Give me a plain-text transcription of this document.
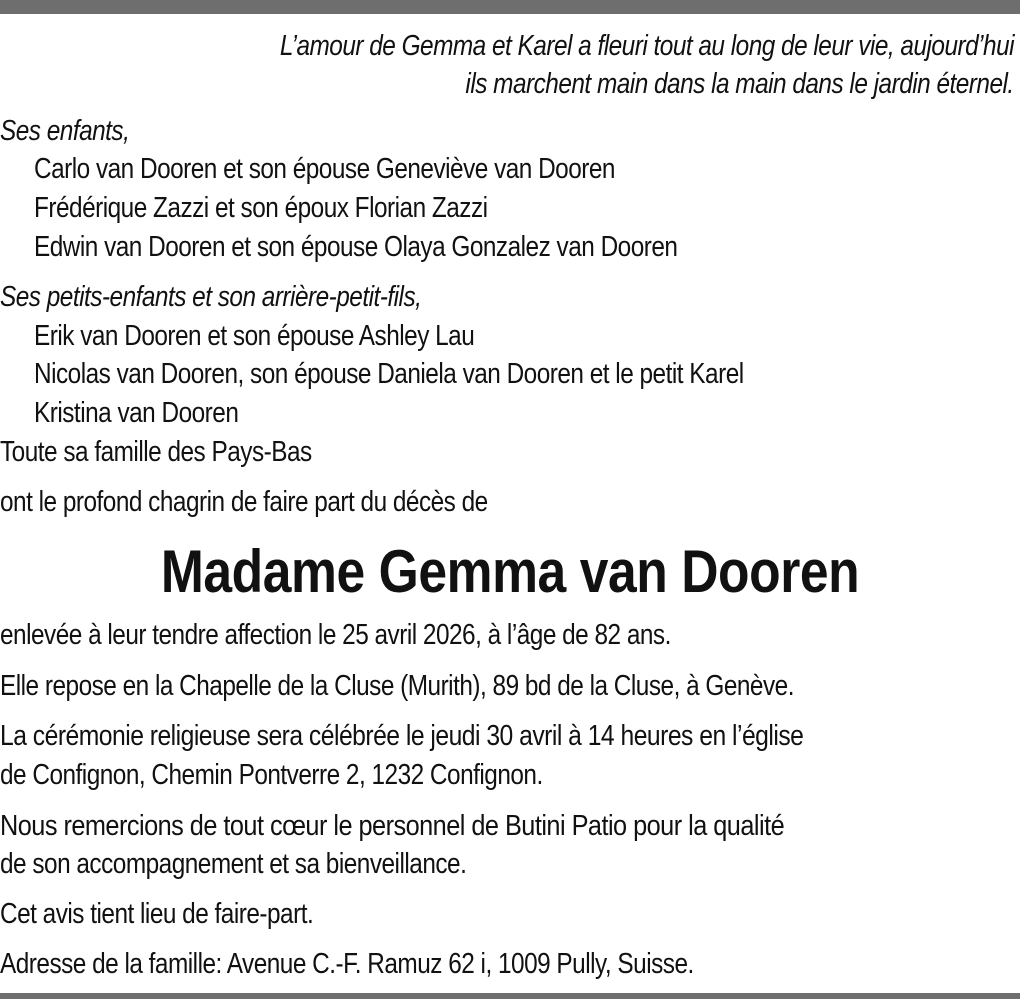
L’amour de Gemma et Karel a fleuri tout au long de leur vie, aujourd’hui
ils marchent main dans la main dans le jardin éternel.
Ses enfants,
Carlo van Dooren et son épouse Geneviève van Dooren
Frédérique Zazzi et son époux Florian Zazzi
Edwin van Dooren et son épouse Olaya Gonzalez van Dooren
Ses petits-enfants et son arrière-petit-fils,
Erik van Dooren et son épouse Ashley Lau
Nicolas van Dooren, son épouse Daniela van Dooren et le petit Karel
Kristina van Dooren
Toute sa famille des Pays-Bas
ont le profond chagrin de faire part du décès de
Madame Gemma van Dooren
enlevée à leur tendre affection le 25 avril 2026, à l’âge de 82 ans.
Elle repose en la Chapelle de la Cluse (Murith), 89 bd de la Cluse, à Genève.
La cérémonie religieuse sera célébrée le jeudi 30 avril à 14 heures en l’église
de Confignon, Chemin Pontverre 2, 1232 Confignon.
Nous remercions de tout cœur le personnel de Butini Patio pour la qualité
de son accompagnement et sa bienveillance.
Cet avis tient lieu de faire-part.
Adresse de la famille: Avenue C.-F. Ramuz 62 i, 1009 Pully, Suisse.
